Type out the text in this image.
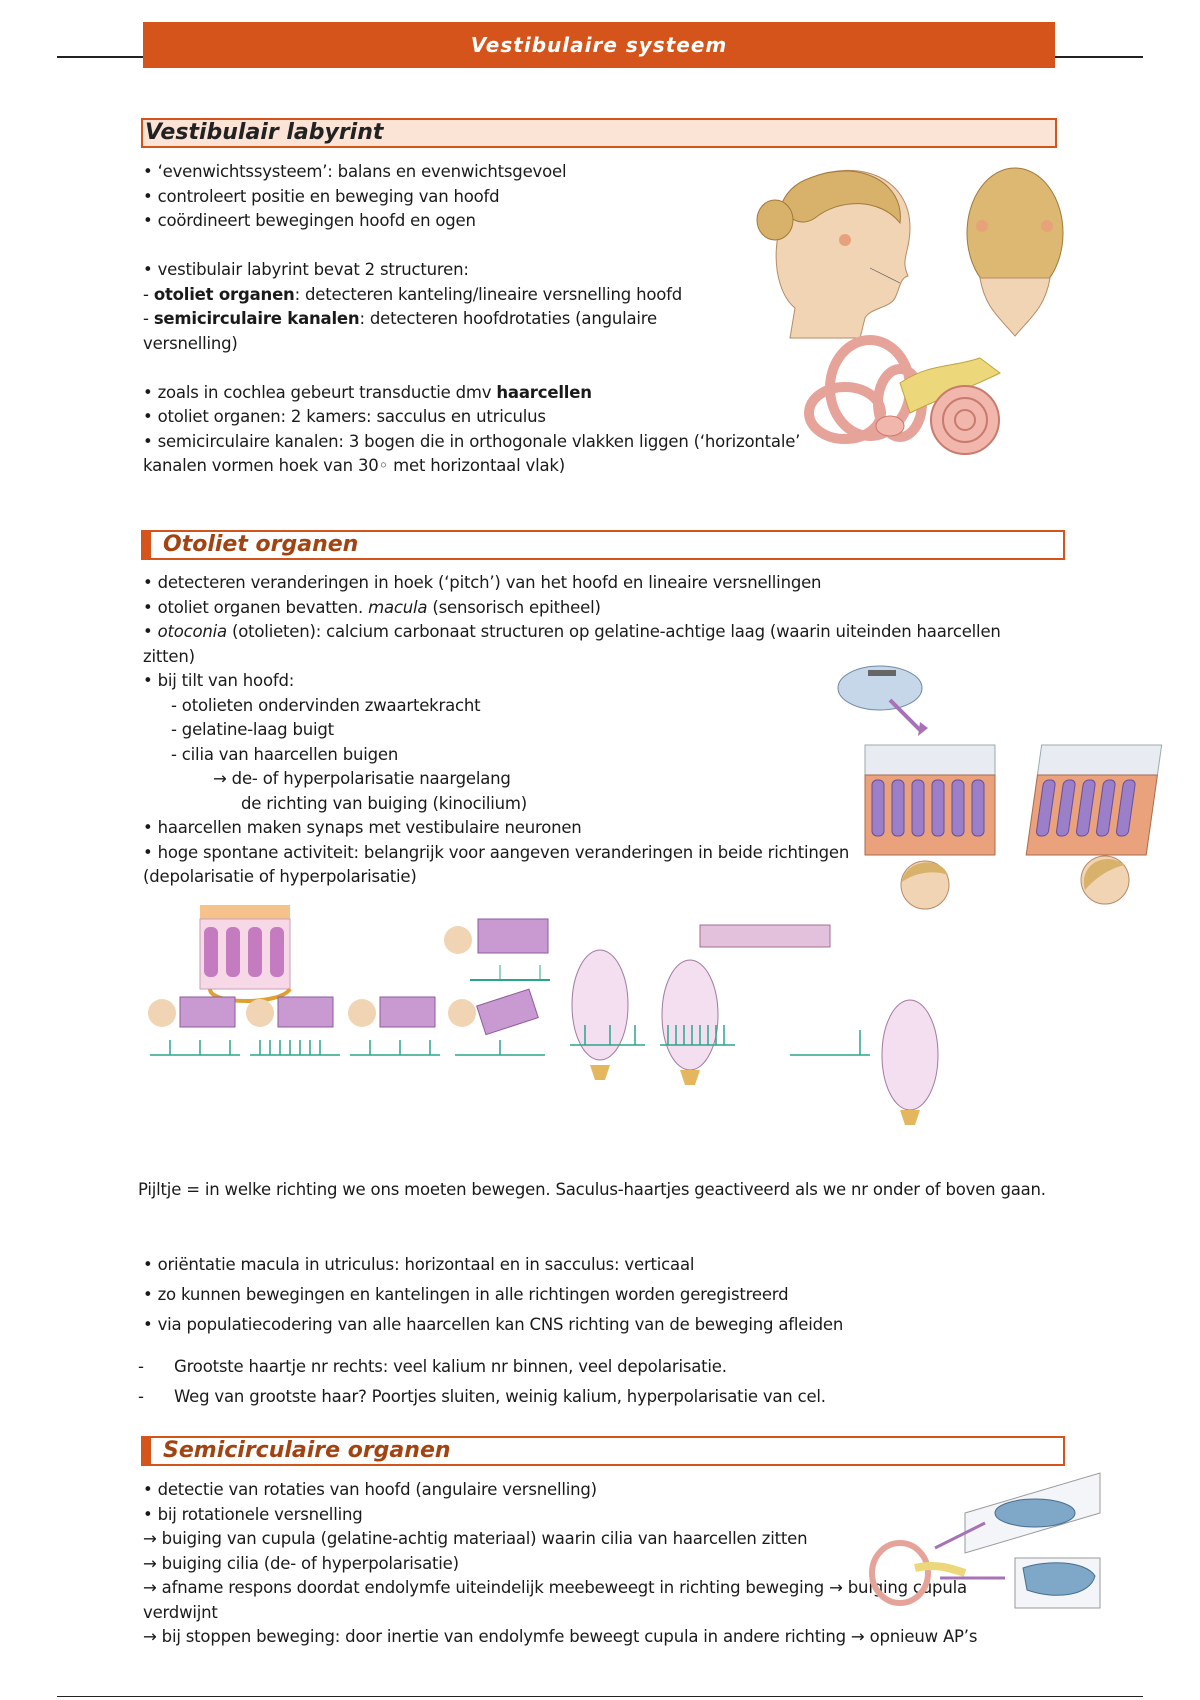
Vestibulaire systeem
Vestibulair labyrint
• ‘evenwichtssysteem’: balans en evenwichtsgevoel
• controleert positie en beweging van hoofd
• coördineert bewegingen hoofd en ogen

• vestibulair labyrint bevat 2 structuren:
- otoliet organen: detecteren kanteling/lineaire versnelling hoofd
- semicirculaire kanalen: detecteren hoofdrotaties (angulaire
versnelling)

• zoals in cochlea gebeurt transductie dmv haarcellen
• otoliet organen: 2 kamers: sacculus en utriculus
• semicirculaire kanalen: 3 bogen die in orthogonale vlakken liggen (‘horizontale’
kanalen vormen hoek van 30◦ met horizontaal vlak)
Otoliet organen
• detecteren veranderingen in hoek (‘pitch’) van het hoofd en lineaire versnellingen
• otoliet organen bevatten. macula (sensorisch epitheel)
• otoconia (otolieten): calcium carbonaat structuren op gelatine-achtige laag (waarin uiteinden haarcellen
zitten)
• bij tilt van hoofd:
- otolieten ondervinden zwaartekracht
- gelatine-laag buigt
- cilia van haarcellen buigen
→ de- of hyperpolarisatie naargelang
de richting van buiging (kinocilium)
• haarcellen maken synaps met vestibulaire neuronen
• hoge spontane activiteit: belangrijk voor aangeven veranderingen in beide richtingen
(depolarisatie of hyperpolarisatie)
Pijltje = in welke richting we ons moeten bewegen. Saculus-haartjes geactiveerd als we nr onder of boven gaan.
• oriëntatie macula in utriculus: horizontaal en in sacculus: verticaal
• zo kunnen bewegingen en kantelingen in alle richtingen worden geregistreerd
• via populatiecodering van alle haarcellen kan CNS richting van de beweging afleiden
-	Grootste haartje nr rechts: veel kalium nr binnen, veel depolarisatie.
-	Weg van grootste haar? Poortjes sluiten, weinig kalium, hyperpolarisatie van cel.
Semicirculaire organen
• detectie van rotaties van hoofd (angulaire versnelling)
• bij rotationele versnelling
→ buiging van cupula (gelatine-achtig materiaal) waarin cilia van haarcellen zitten
→ buiging cilia (de- of hyperpolarisatie)
→ afname respons doordat endolymfe uiteindelijk meebeweegt in richting beweging → buiging cupula
verdwijnt
→ bij stoppen beweging: door inertie van endolymfe beweegt cupula in andere richting → opnieuw AP’s
